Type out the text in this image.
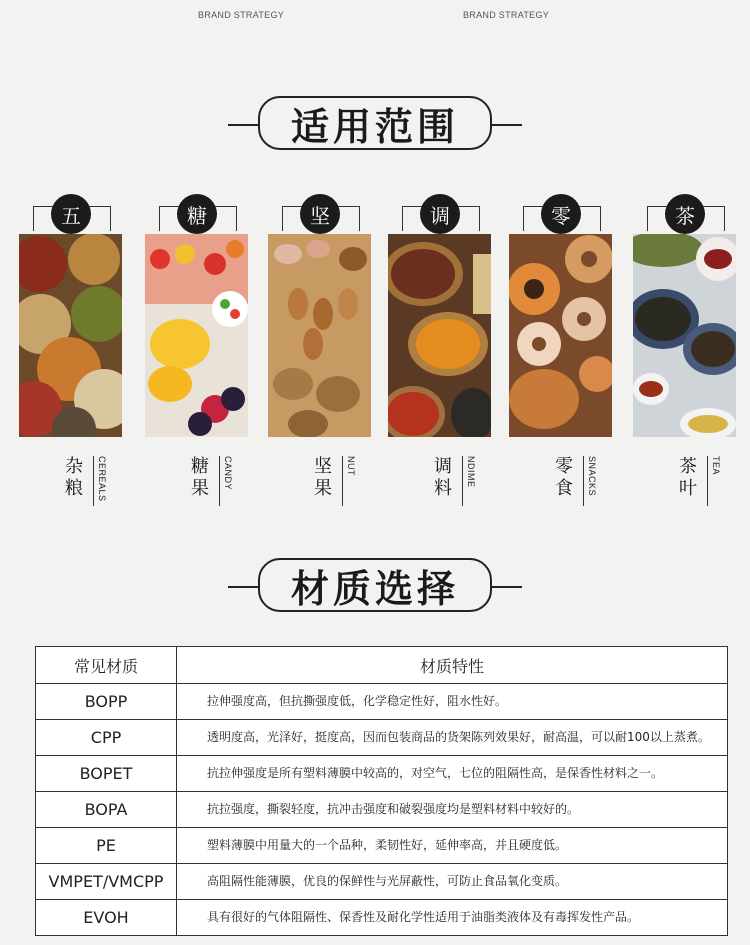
BRAND STRATEGY	BRAND STRATEGY
适用范围
五
杂
粮	CEREALS
糖
糖
果	CANDY
坚
坚
果
NUT
调
调
料
NDIME
零
零
食	SNACKS
茶
茶
叶
TEA
材质选择
常见材质	材质特性
BOPP	拉伸强度高，但抗撕强度低，化学稳定性好，阻水性好。
CPP	透明度高，光泽好，挺度高，因而包装商品的货架陈列效果好，耐高温，可以耐100以上蒸煮。
BOPET	抗拉伸强度是所有塑料薄膜中较高的，对空气，七位的阻隔性高，是保香性材料之一。
BOPA	抗拉强度，撕裂轻度，抗冲击强度和破裂强度均是塑料材料中较好的。
PE	塑料薄膜中用量大的一个品种，柔韧性好，延伸率高，并且硬度低。
VMPET/VMCPP	高阻隔性能薄膜，优良的保鲜性与光屏蔽性，可防止食品氧化变质。
EVOH	具有很好的气体阻隔性、保香性及耐化学性适用于油脂类液体及有毒挥发性产品。
